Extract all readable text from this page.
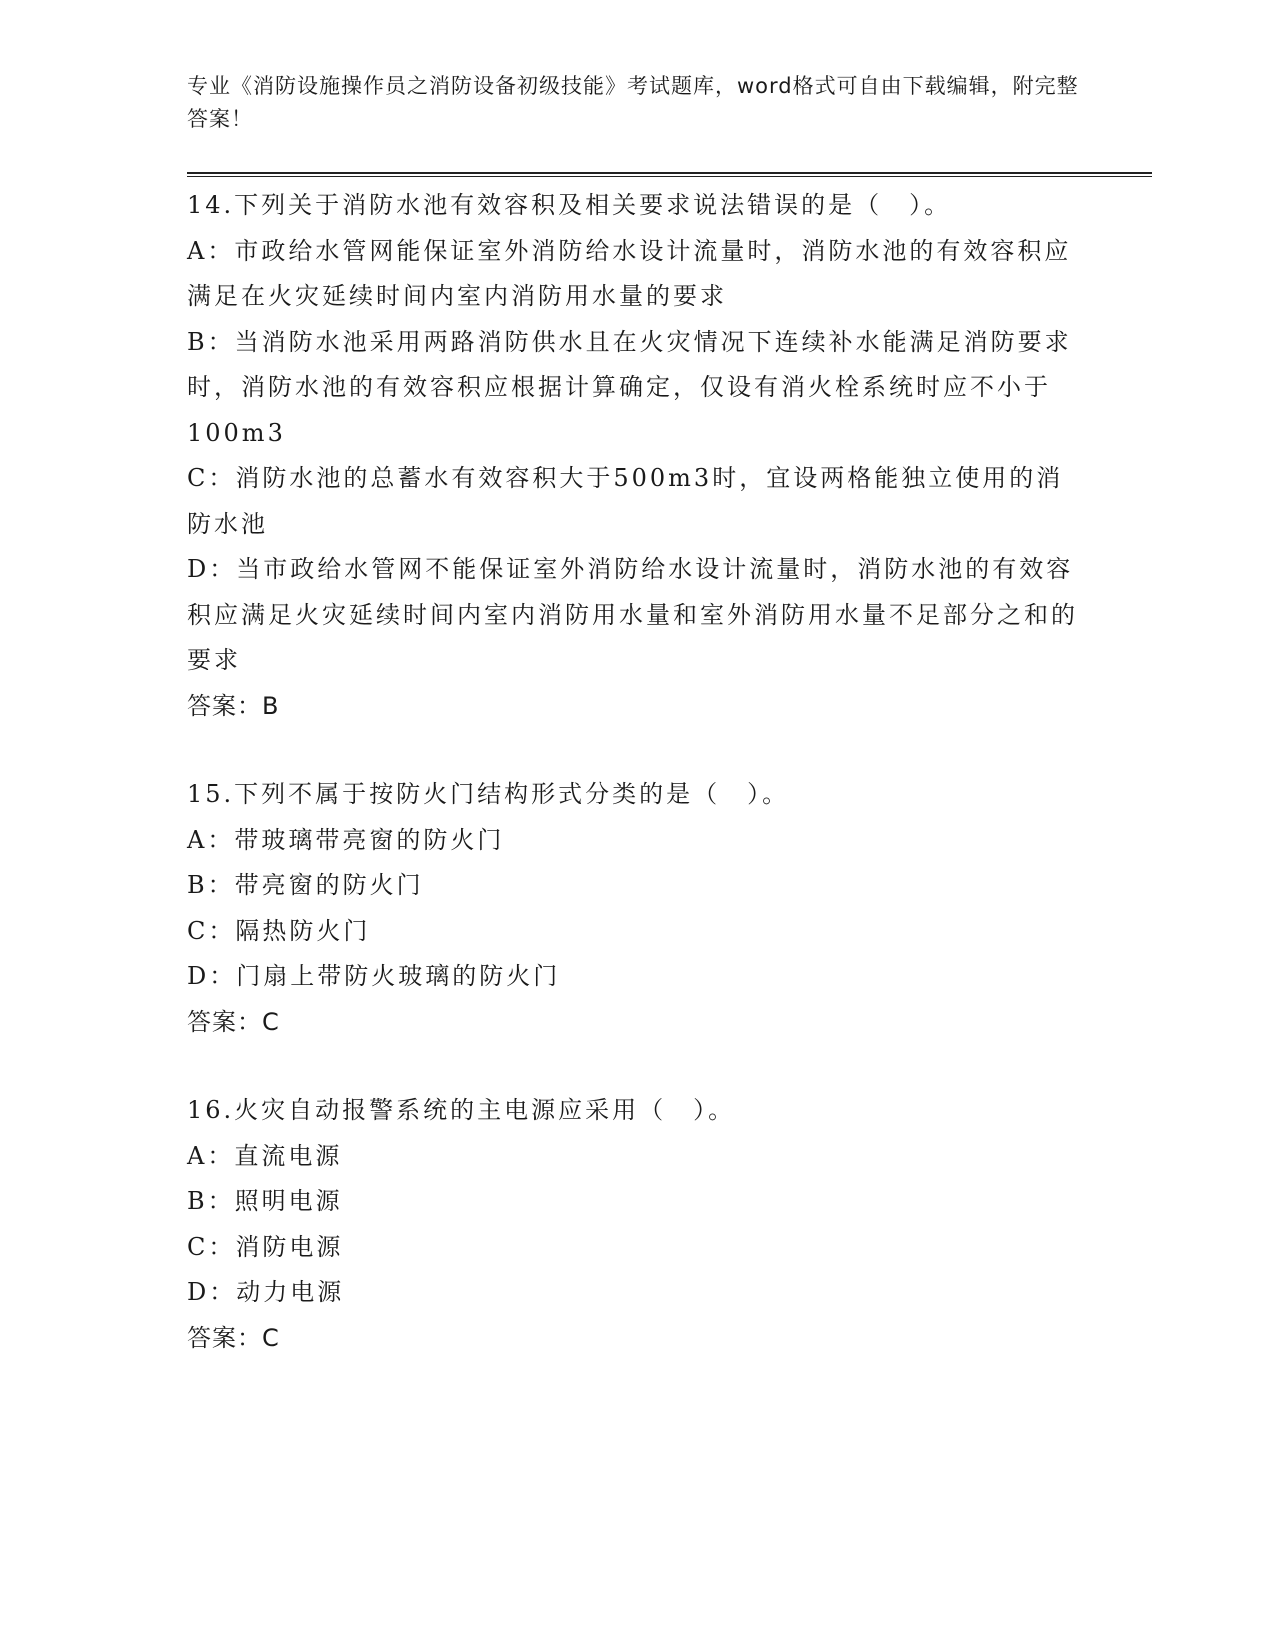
专业《消防设施操作员之消防设备初级技能》考试题库，word格式可自由下载编辑，附完整答案！

14.下列关于消防水池有效容积及相关要求说法错误的是（　）。

A：市政给水管网能保证室外消防给水设计流量时，消防水池的有效容积应满足在火灾延续时间内室内消防用水量的要求

B：当消防水池采用两路消防供水且在火灾情况下连续补水能满足消防要求时，消防水池的有效容积应根据计算确定，仅设有消火栓系统时应不小于100m3

C：消防水池的总蓄水有效容积大于500m3时，宜设两格能独立使用的消防水池

D：当市政给水管网不能保证室外消防给水设计流量时，消防水池的有效容积应满足火灾延续时间内室内消防用水量和室外消防用水量不足部分之和的要求

答案：B

15.下列不属于按防火门结构形式分类的是（　）。

A：带玻璃带亮窗的防火门

B：带亮窗的防火门

C：隔热防火门

D：门扇上带防火玻璃的防火门

答案：C

16.火灾自动报警系统的主电源应采用（　）。

A：直流电源

B：照明电源

C：消防电源

D：动力电源

答案：C
